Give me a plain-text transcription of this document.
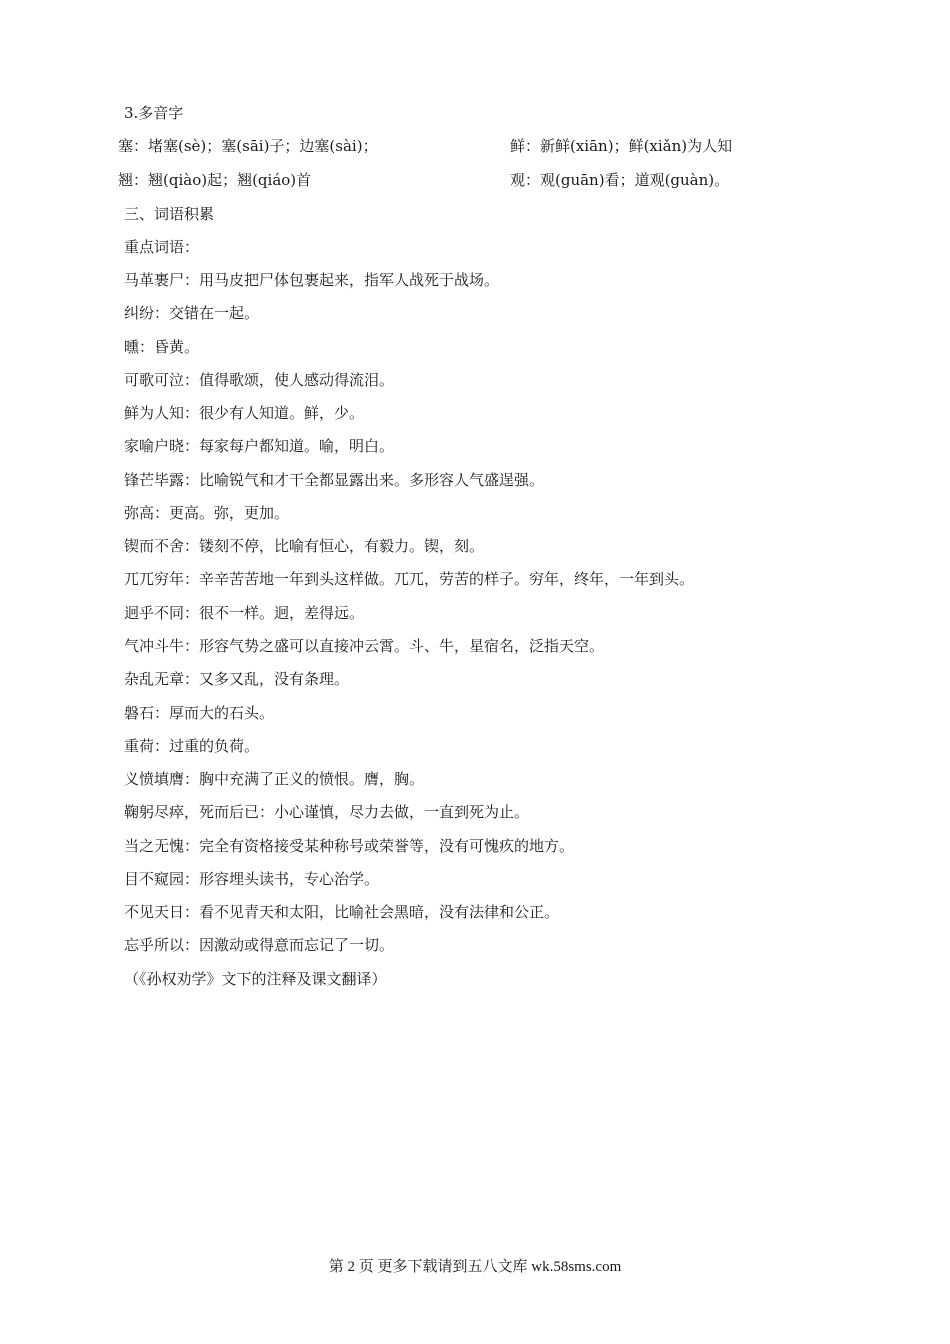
3.多音字
塞：堵塞(sè)；塞(sāi)子；边塞(sài)；	鲜：新鲜(xiān)；鲜(xiǎn)为人知
翘：翘(qiào)起；翘(qiáo)首	观：观(guān)看；道观(guàn)。
三、词语积累
重点词语：
马革裹尸：用马皮把尸体包裹起来，指军人战死于战场。
纠纷：交错在一起。
曛：昏黄。
可歌可泣：值得歌颂，使人感动得流泪。
鲜为人知：很少有人知道。鲜，少。
家喻户晓：每家每户都知道。喻，明白。
锋芒毕露：比喻锐气和才干全都显露出来。多形容人气盛逞强。
弥高：更高。弥，更加。
锲而不舍：镂刻不停，比喻有恒心，有毅力。锲，刻。
兀兀穷年：辛辛苦苦地一年到头这样做。兀兀，劳苦的样子。穷年，终年，一年到头。
迥乎不同：很不一样。迥，差得远。
气冲斗牛：形容气势之盛可以直接冲云霄。斗、牛，星宿名，泛指天空。
杂乱无章：又多又乱，没有条理。
磐石：厚而大的石头。
重荷：过重的负荷。
义愤填膺：胸中充满了正义的愤恨。膺，胸。
鞠躬尽瘁，死而后已：小心谨慎，尽力去做，一直到死为止。
当之无愧：完全有资格接受某种称号或荣誉等，没有可愧疚的地方。
目不窥园：形容埋头读书，专心治学。
不见天日：看不见青天和太阳，比喻社会黑暗，没有法律和公正。
忘乎所以：因激动或得意而忘记了一切。
（《孙权劝学》文下的注释及课文翻译）
第 2 页 更多下载请到五八文库 wk.58sms.com
